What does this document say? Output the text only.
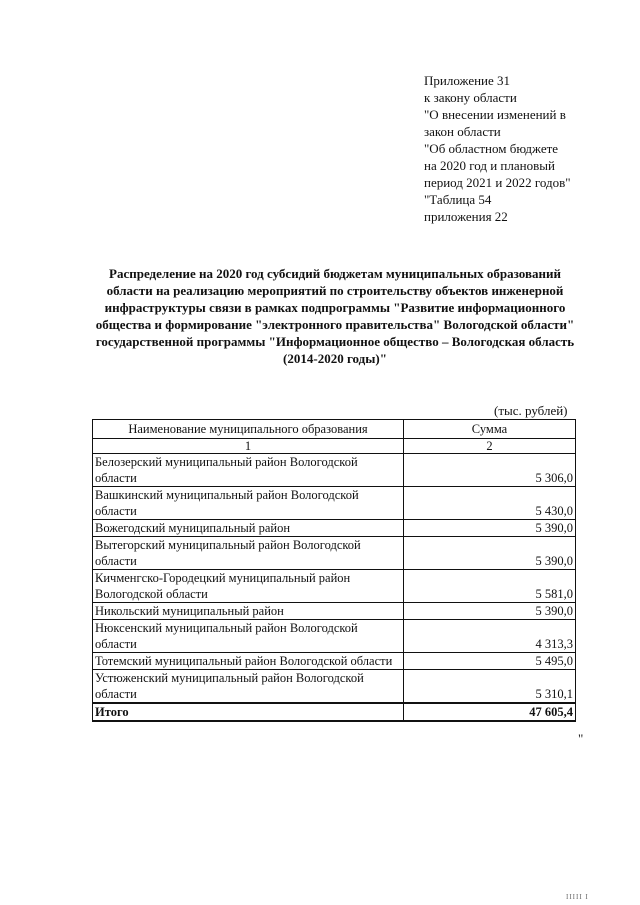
Приложение 31
к закону области
"О внесении изменений в
закон области
"Об областном бюджете
на 2020 год и плановый
период 2021 и 2022 годов"
"Таблица 54
приложения 22
Распределение на 2020 год субсидий бюджетам муниципальных образований области на реализацию мероприятий по строительству объектов инженерной инфраструктуры связи в рамках подпрограммы "Развитие информационного общества и формирование "электронного правительства" Вологодской области" государственной программы "Информационное общество – Вологодская область (2014-2020 годы)"
(тыс. рублей)
Наименование муниципального образования	Сумма
1	2
Белозерский муниципальный район Вологодской области	5 306,0
Вашкинский муниципальный район Вологодской области	5 430,0
Вожегодский муниципальный район	5 390,0
Вытегорский муниципальный район Вологодской области	5 390,0
Кичменгско-Городецкий муниципальный район Вологодской области	5 581,0
Никольский муниципальный район	5 390,0
Нюксенский муниципальный район Вологодской области	4 313,3
Тотемский муниципальный район Вологодской области	5 495,0
Устюженский муниципальный район Вологодской области	5 310,1
Итого	47 605,4
"
IIIII I
